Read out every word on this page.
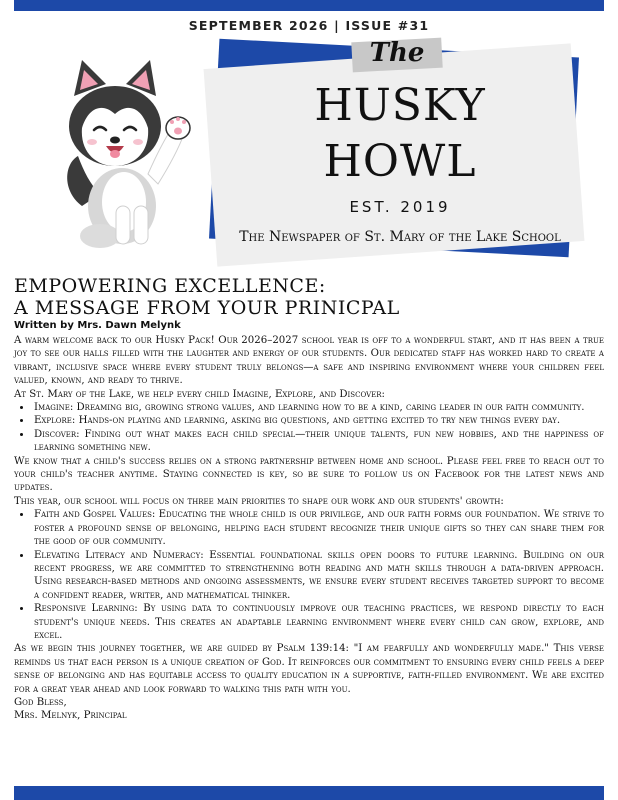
SEPTEMBER 2026 | ISSUE #31
The
HUSKY
HOWL
EST. 2019
The Newspaper of St. Mary of the Lake School
EMPOWERING EXCELLENCE:
A MESSAGE FROM YOUR PRINICPAL
Written by Mrs. Dawn Melynk

A warm welcome back to our Husky Pack! Our 2026–2027 school year is off to a wonderful start, and it has been a true joy to see our halls filled with the laughter and energy of our students. Our dedicated staff has worked hard to create a vibrant, inclusive space where every student truly belongs—a safe and inspiring environment where your children feel valued, known, and ready to thrive.

At St. Mary of the Lake, we help every child Imagine, Explore, and Discover:

• Imagine: Dreaming big, growing strong values, and learning how to be a kind, caring leader in our faith community.
• Explore: Hands-on playing and learning, asking big questions, and getting excited to try new things every day.
• Discover: Finding out what makes each child special—their unique talents, fun new hobbies, and the happiness of learning something new.

We know that a child's success relies on a strong partnership between home and school. Please feel free to reach out to your child's teacher anytime. Staying connected is key, so be sure to follow us on Facebook for the latest news and updates.

This year, our school will focus on three main priorities to shape our work and our students' growth:

• Faith and Gospel Values: Educating the whole child is our privilege, and our faith forms our foundation. We strive to foster a profound sense of belonging, helping each student recognize their unique gifts so they can share them for the good of our community.
• Elevating Literacy and Numeracy: Essential foundational skills open doors to future learning. Building on our recent progress, we are committed to strengthening both reading and math skills through a data-driven approach. Using research-based methods and ongoing assessments, we ensure every student receives targeted support to become a confident reader, writer, and mathematical thinker.
• Responsive Learning: By using data to continuously improve our teaching practices, we respond directly to each student's unique needs. This creates an adaptable learning environment where every child can grow, explore, and excel.

As we begin this journey together, we are guided by Psalm 139:14: "I am fearfully and wonderfully made." This verse reminds us that each person is a unique creation of God. It reinforces our commitment to ensuring every child feels a deep sense of belonging and has equitable access to quality education in a supportive, faith-filled environment. We are excited for a great year ahead and look forward to walking this path with you.

God Bless,

Mrs. Melnyk, Principal
